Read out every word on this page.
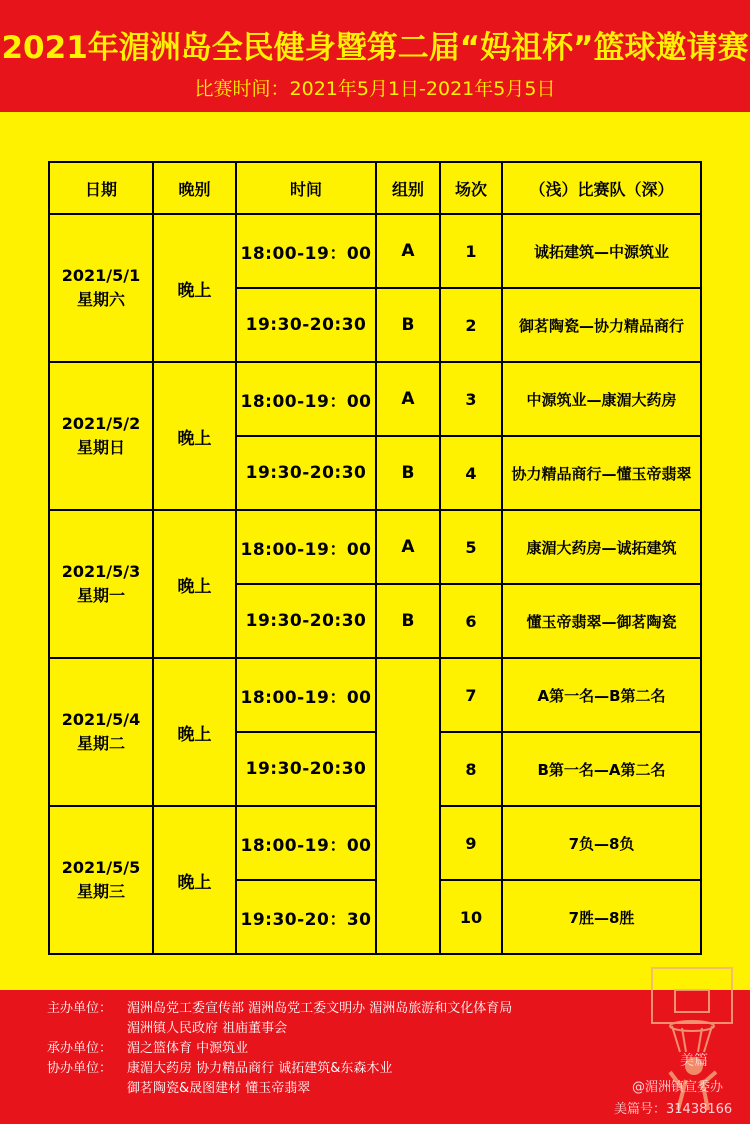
2021年湄洲岛全民健身暨第二届“妈祖杯”篮球邀请赛
比赛时间：2021年5月1日-2021年5月5日
日期	晚别	时间	组别	场次	（浅）比赛队（深）
2021/5/1
星期六	晚上	18:00-19：00	A	1	诚拓建筑—中源筑业
		19:30-20:30	B	2	御茗陶瓷—协力精品商行
2021/5/2
星期日	晚上	18:00-19：00	A	3	中源筑业—康湄大药房
		19:30-20:30	B	4	协力精品商行—懂玉帝翡翠
2021/5/3
星期一	晚上	18:00-19：00	A	5	康湄大药房—诚拓建筑
		19:30-20:30	B	6	懂玉帝翡翠—御茗陶瓷
2021/5/4
星期二	晚上	18:00-19：00		7	A第一名—B第二名
		19:30-20:30		8	B第一名—A第二名
2021/5/5
星期三	晚上	18:00-19：00		9	7负—8负
		19:30-20：30		10	7胜—8胜
主办单位： 湄洲岛党工委宣传部 湄洲岛党工委文明办 湄洲岛旅游和文化体育局
湄洲镇人民政府 祖庙董事会
承办单位： 湄之篮体育 中源筑业
协办单位： 康湄大药房 协力精品商行 诚拓建筑&东森木业
御茗陶瓷&晟图建材 懂玉帝翡翠
美篇
@湄洲镇宣委办
美篇号：31438166
